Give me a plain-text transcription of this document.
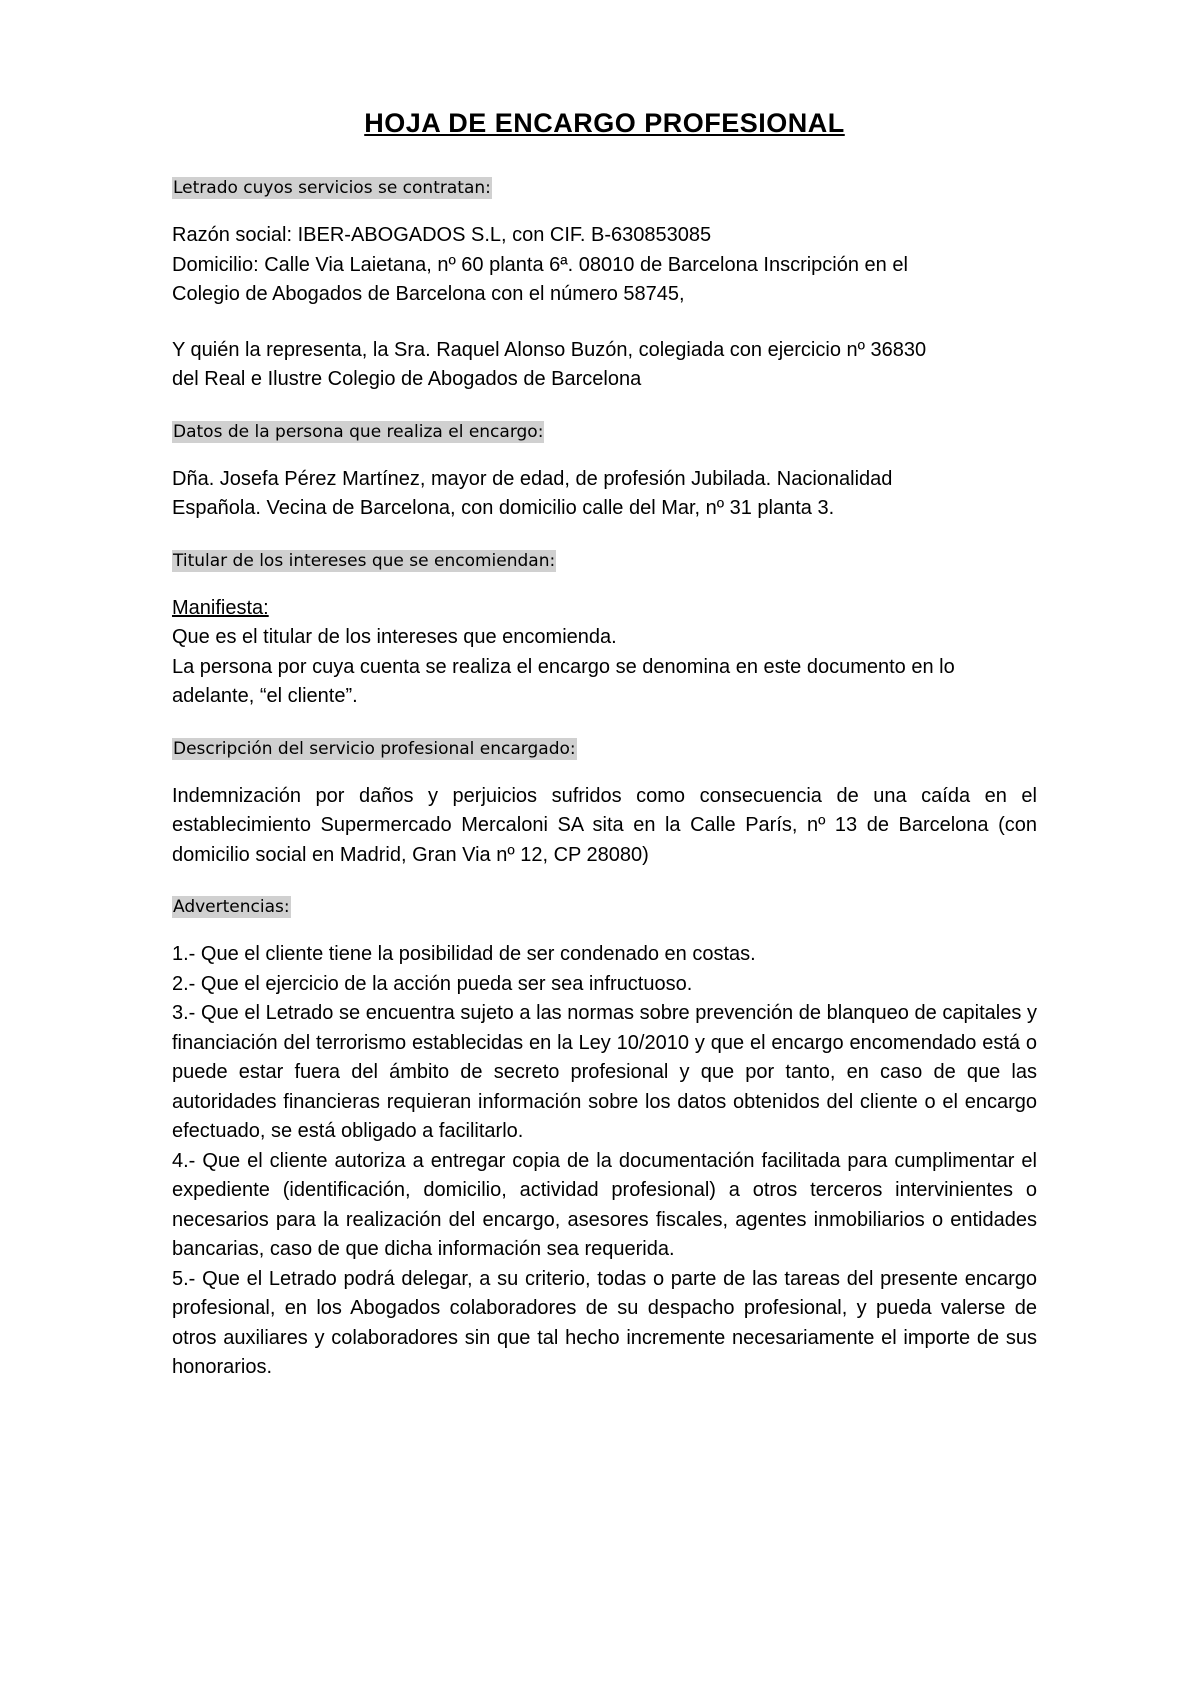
HOJA DE ENCARGO PROFESIONAL
Letrado cuyos servicios se contratan:

Razón social: IBER-ABOGADOS S.L, con CIF. B-630853085
Domicilio: Calle Via Laietana, nº 60 planta 6ª. 08010 de Barcelona Inscripción en el
Colegio de Abogados de Barcelona con el número 58745,

Y quién la representa, la Sra. Raquel Alonso Buzón, colegiada con ejercicio nº 36830
del Real e Ilustre Colegio de Abogados de Barcelona

Datos de la persona que realiza el encargo:

Dña. Josefa Pérez Martínez, mayor de edad, de profesión Jubilada. Nacionalidad
Española. Vecina de Barcelona, con domicilio calle del Mar, nº 31 planta 3.

Titular de los intereses que se encomiendan:

Manifiesta:
Que es el titular de los intereses que encomienda.
La persona por cuya cuenta se realiza el encargo se denomina en este documento en lo
adelante, “el cliente”.

Descripción del servicio profesional encargado:

Indemnización por daños y perjuicios sufridos como consecuencia de una caída en el establecimiento Supermercado Mercaloni SA sita en la Calle París, nº 13 de Barcelona (con domicilio social en Madrid, Gran Via nº 12, CP 28080)

Advertencias:

1.- Que el cliente tiene la posibilidad de ser condenado en costas.

2.- Que el ejercicio de la acción pueda ser sea infructuoso.

3.- Que el Letrado se encuentra sujeto a las normas sobre prevención de blanqueo de capitales y financiación del terrorismo establecidas en la Ley 10/2010 y que el encargo encomendado está o puede estar fuera del ámbito de secreto profesional y que por tanto, en caso de que las autoridades financieras requieran información sobre los datos obtenidos del cliente o el encargo efectuado, se está obligado a facilitarlo.

4.- Que el cliente autoriza a entregar copia de la documentación facilitada para cumplimentar el expediente (identificación, domicilio, actividad profesional) a otros terceros intervinientes o necesarios para la realización del encargo, asesores fiscales, agentes inmobiliarios o entidades bancarias, caso de que dicha información sea requerida.

5.- Que el Letrado podrá delegar, a su criterio, todas o parte de las tareas del presente encargo profesional, en los Abogados colaboradores de su despacho profesional, y pueda valerse de otros auxiliares y colaboradores sin que tal hecho incremente necesariamente el importe de sus honorarios.
